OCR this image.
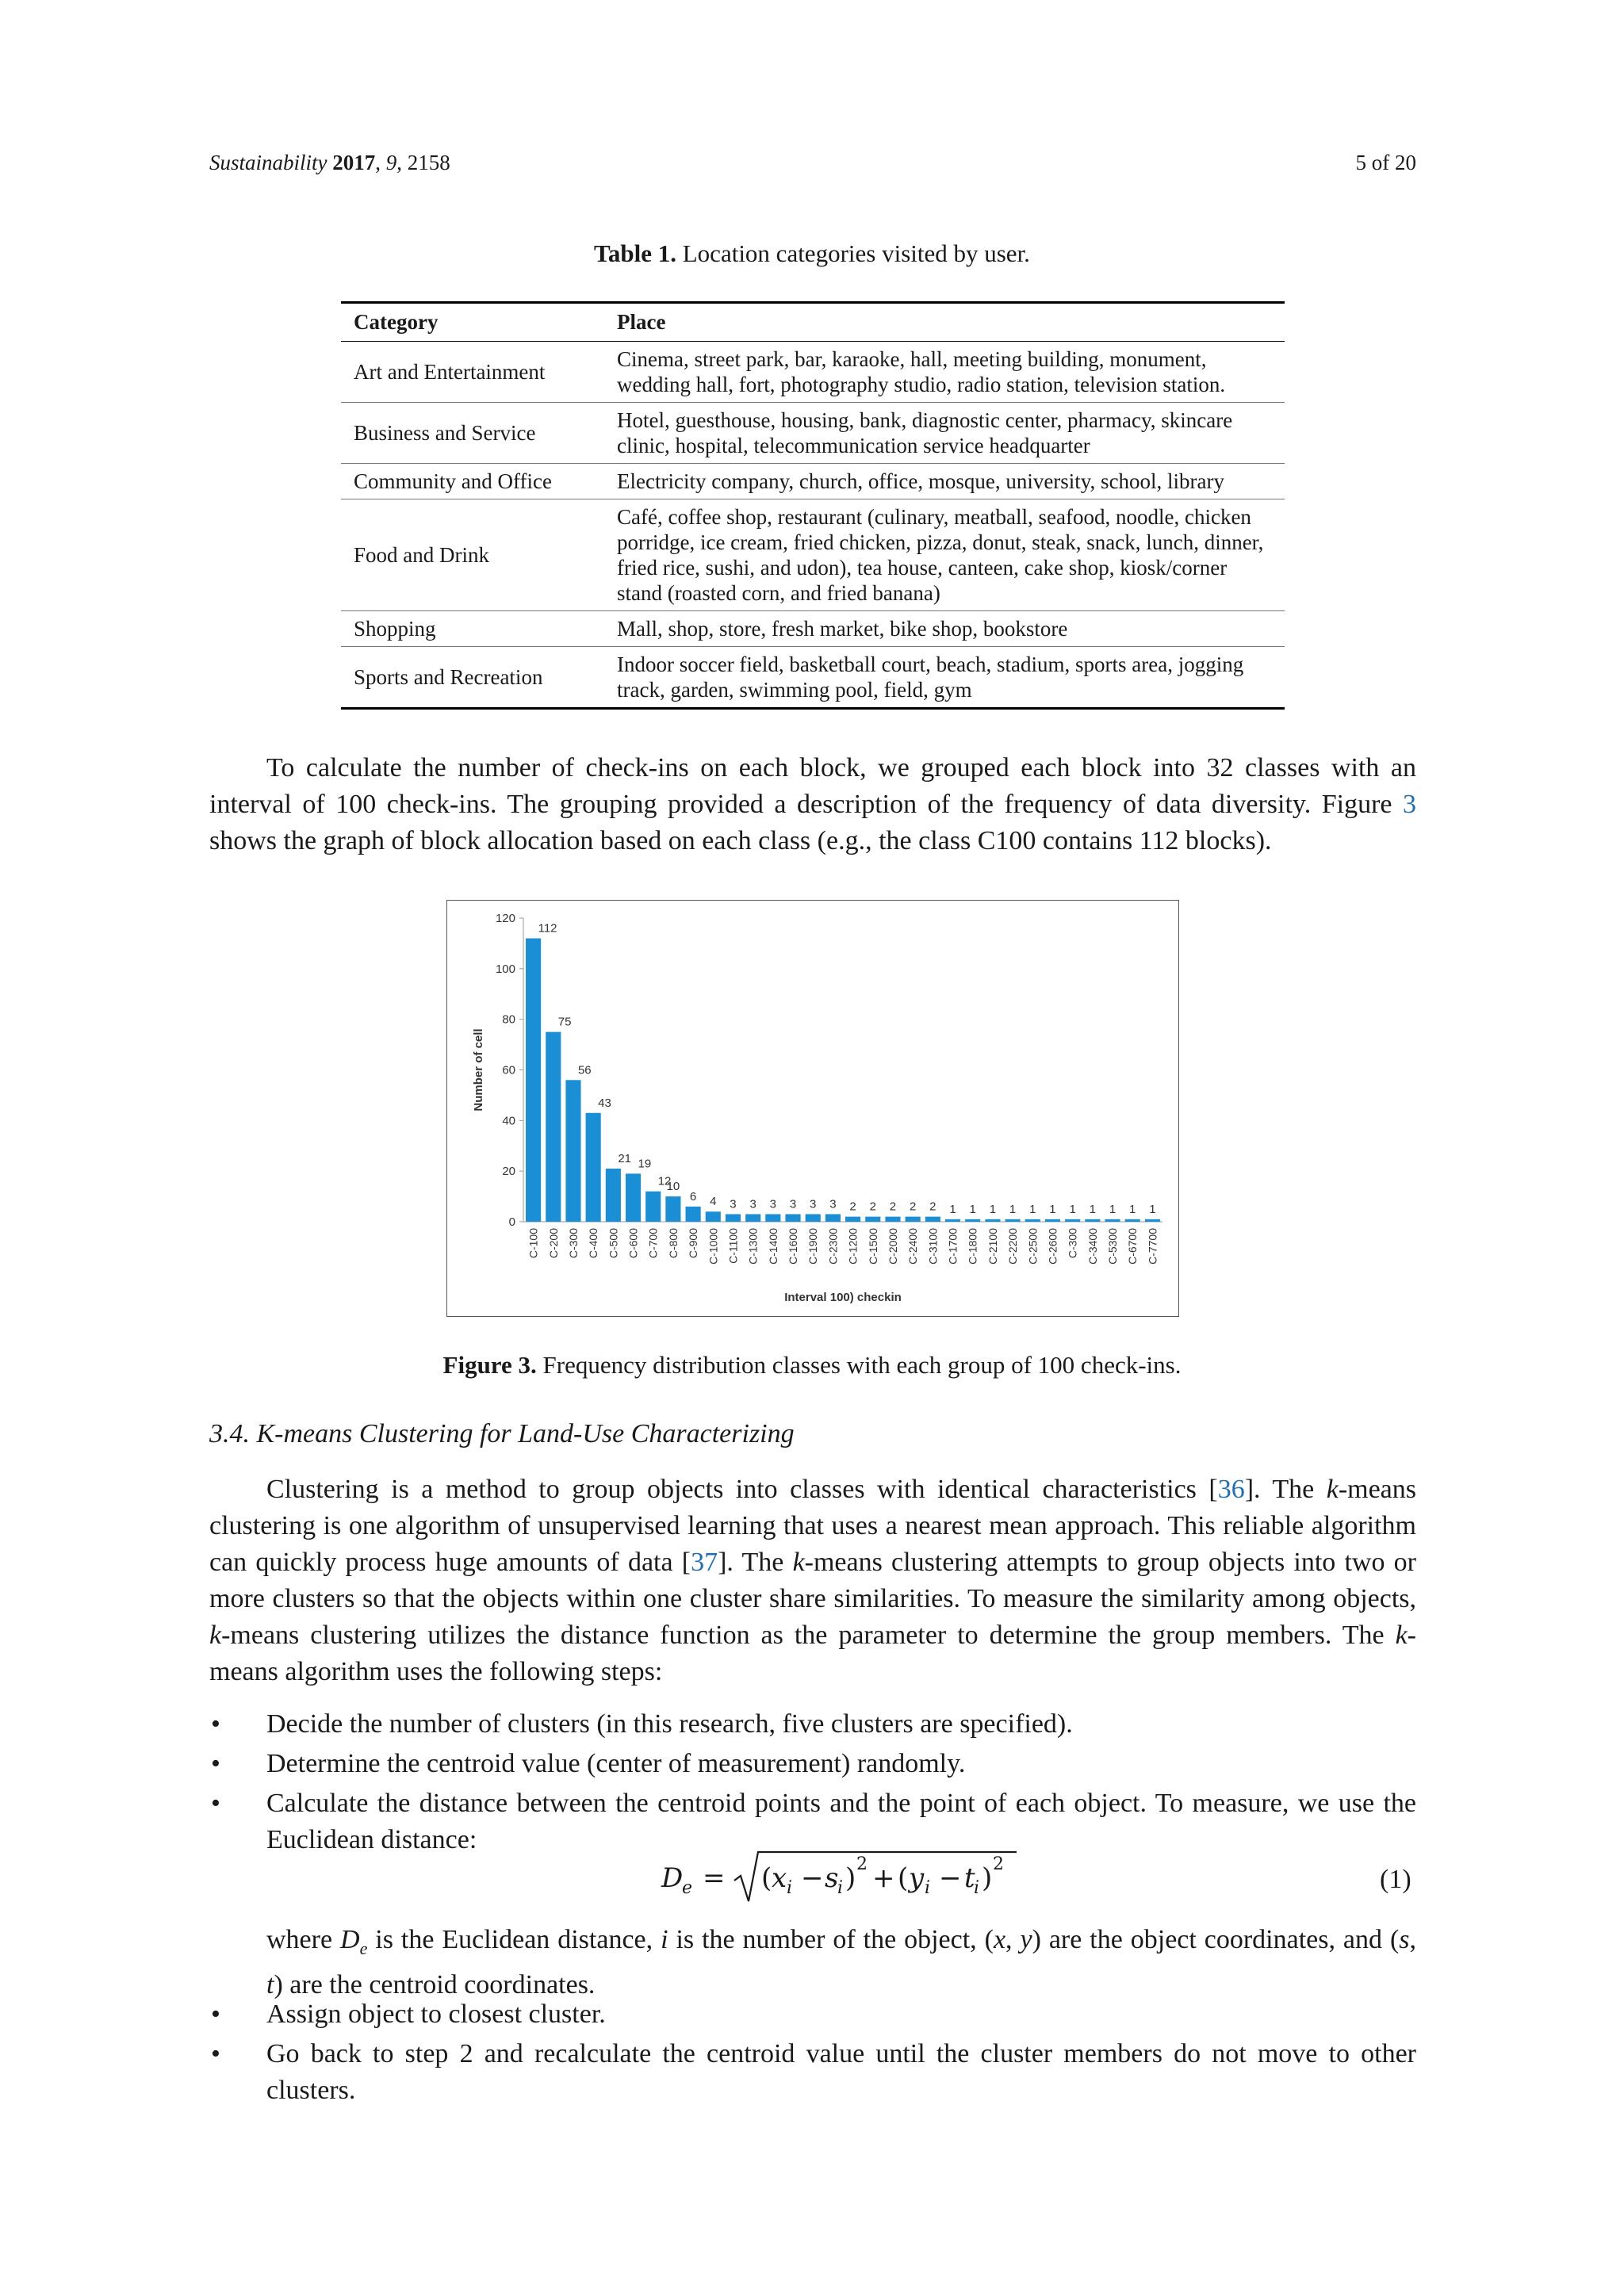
Sustainability 2017, 9, 2158	5 of 20
Table 1. Location categories visited by user.
Category	Place
Art and Entertainment	Cinema, street park, bar, karaoke, hall, meeting building, monument, wedding hall, fort, photography studio, radio station, television station.
Business and Service	Hotel, guesthouse, housing, bank, diagnostic center, pharmacy, skincare clinic, hospital, telecommunication service headquarter
Community and Office	Electricity company, church, office, mosque, university, school, library
Food and Drink	Café, coffee shop, restaurant (culinary, meatball, seafood, noodle, chicken porridge, ice cream, fried chicken, pizza, donut, steak, snack, lunch, dinner, fried rice, sushi, and udon), tea house, canteen, cake shop, kiosk/corner stand (roasted corn, and fried banana)
Shopping	Mall, shop, store, fresh market, bike shop, bookstore
Sports and Recreation	Indoor soccer field, basketball court, beach, stadium, sports area, jogging track, garden, swimming pool, field, gym
To calculate the number of check-ins on each block, we grouped each block into 32 classes with an interval of 100 check-ins. The grouping provided a description of the frequency of data diversity. Figure 3 shows the graph of block allocation based on each class (e.g., the class C100 contains 112 blocks).
0
20
40
60
80
100
120
Number of cell
Interval 100) checkin
112
C-100
75
C-200
56
C-300
43
C-400
21
C-500
19
C-600
12
C-700
10
C-800
6
C-900
4
C-1000
3
C-1100
3
C-1300
3
C-1400
3
C-1600
3
C-1900
3
C-2300
2
C-1200
2
C-1500
2
C-2000
2
C-2400
2
C-3100
1
C-1700
1
C-1800
1
C-2100
1
C-2200
1
C-2500
1
C-2600
1
C-300
1
C-3400
1
C-5300
1
C-6700
1
C-7700
Figure 3. Frequency distribution classes with each group of 100 check-ins.
3.4. K-means Clustering for Land-Use Characterizing
Clustering is a method to group objects into classes with identical characteristics [36]. The k-means clustering is one algorithm of unsupervised learning that uses a nearest mean approach. This reliable algorithm can quickly process huge amounts of data [37]. The k-means clustering attempts to group objects into two or more clusters so that the objects within one cluster share similarities. To measure the similarity among objects, k-means clustering utilizes the distance function as the parameter to determine the group members. The k-means algorithm uses the following steps:
• Decide the number of clusters (in this research, five clusters are specified).
• Determine the centroid value (center of measurement) randomly.
• Calculate the distance between the centroid points and the point of each object. To measure, we use the Euclidean distance:
D
e = ( x i − s
i ) 2 + ( y i − t
i ) 2
(1)
where $D_e$ is the Euclidean distance, i is the number of the object, (x, y) are the object coordinates, and (s, t) are the centroid coordinates.
• Assign object to closest cluster.
• Go back to step 2 and recalculate the centroid value until the cluster members do not move to other clusters.
